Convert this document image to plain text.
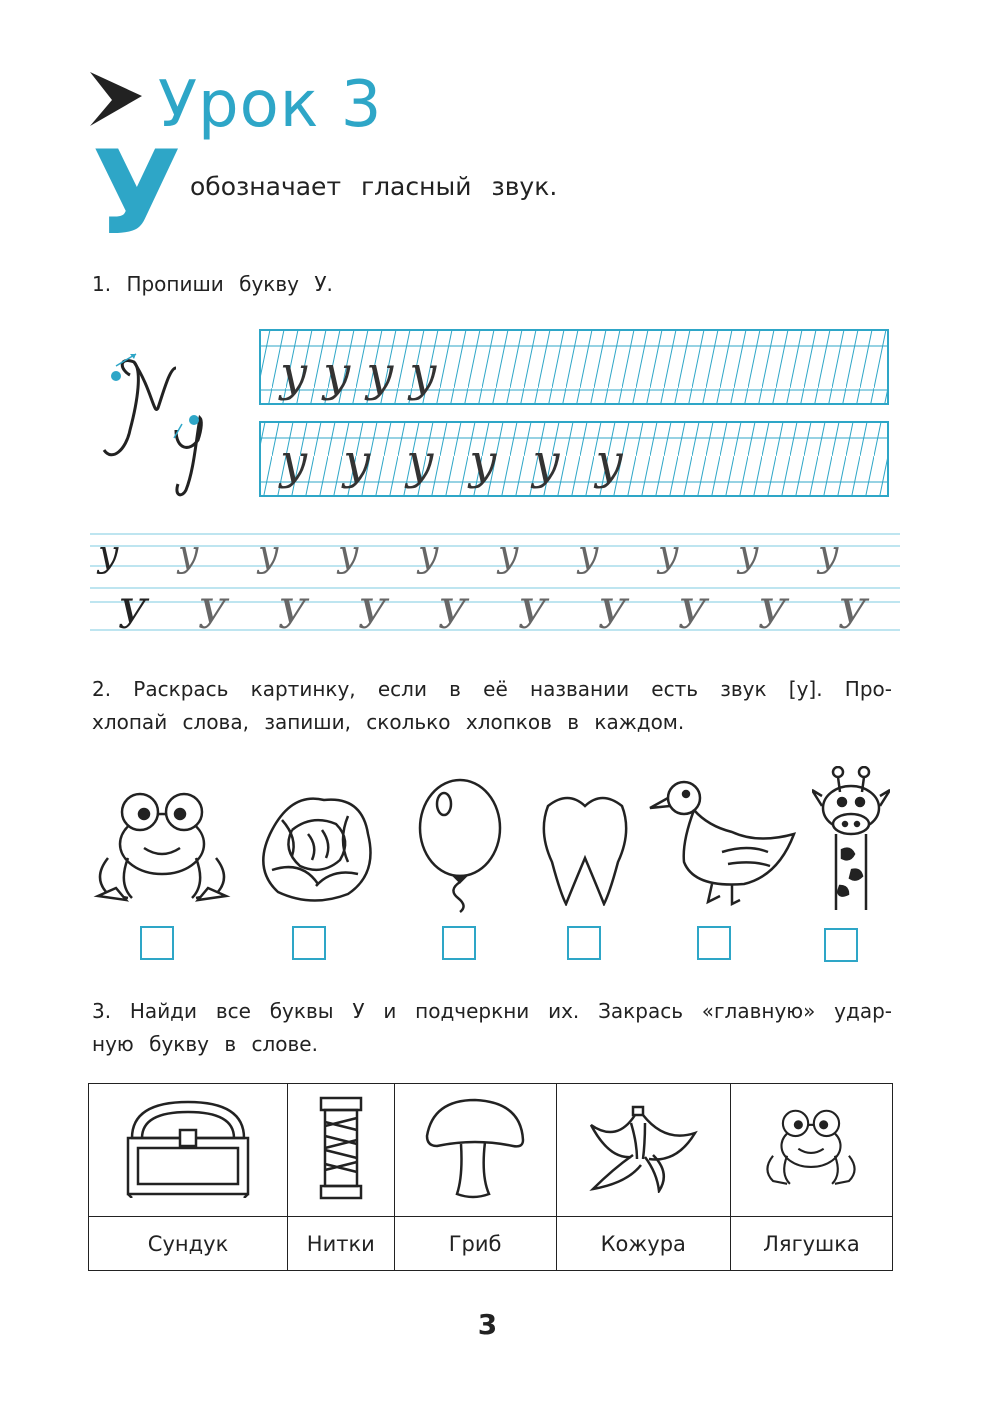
Урок 3
У обозначает гласный звук.
1. Пропиши букву У.
у у у у
у у у у у у
у
У
у
У
у
У
у
У
у
У
у
У
у
У
у
У
у
У
у
У
2. Раскрась картинку, если в её названии есть звук [у]. Про-
хлопай слова, запиши, сколько хлопков в каждом.
3. Найди все буквы У и подчеркни их. Закрась «главную» удар-
ную букву в слове.

Сундук	Нитки	Гриб	Кожура	Лягушка
3
